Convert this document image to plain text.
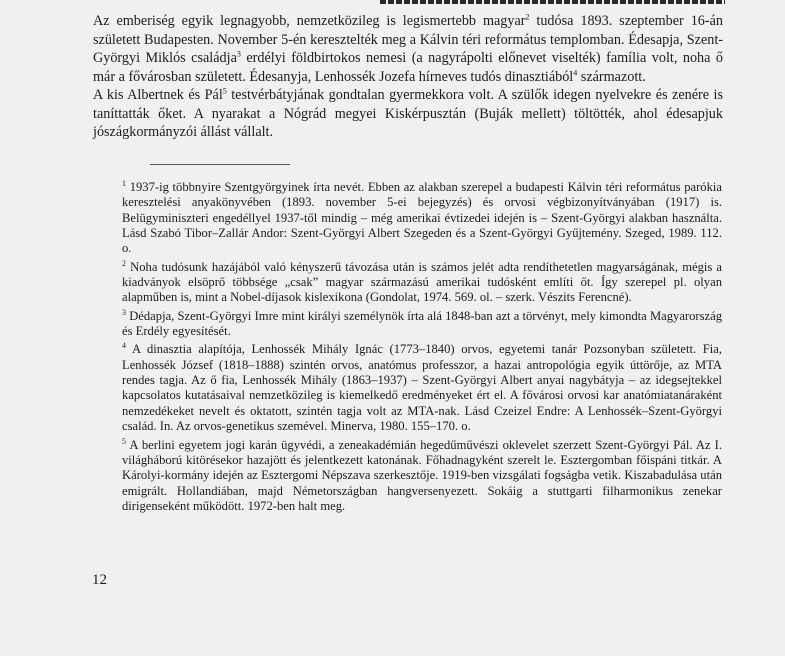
Az emberiség egyik legnagyobb, nemzetközileg is legismertebb magyar$^2$ tudósa 1893. szeptember 16-án született Budapesten. November 5-én keresztelték meg a Kálvin téri református templomban. Édesapja, Szent-Györgyi Miklós családja$^3$ erdélyi földbirtokos nemesi (a nagyrápolti előnevet viselték) família volt, noha ő már a fővárosban született. Édesanyja, Lenhossék Jozefa hírneves tudós dinasztiából$^4$ származott.

A kis Albertnek és Pál$^5$ testvérbátyjának gondtalan gyermekkora volt. A szülők idegen nyelvekre és zenére is taníttatták őket. A nyarakat a Nógrád megyei Kiskérpusztán (Buják mellett) töltötték, ahol édesapjuk jószágkormányzói állást vállalt.

$^1$ 1937-ig többnyire Szentgyörgyinek írta nevét. Ebben az alakban szerepel a budapesti Kálvin téri református parókia keresztelési anyakönyvében (1893. november 5-ei bejegyzés) és orvosi végbizonyítványában (1917) is. Belügyminiszteri engedéllyel 1937-től mindig – még amerikai évtizedei idején is – Szent-Györgyi alakban használta. Lásd Szabó Tibor–Zallár Andor: Szent-Györgyi Albert Szegeden és a Szent-Györgyi Gyűjtemény. Szeged, 1989. 112. o.

$^2$ Noha tudósunk hazájából való kényszerű távozása után is számos jelét adta rendíthetetlen magyarságának, mégis a kiadványok elsöprő többsége „csak” magyar származású amerikai tudósként említi őt. Így szerepel pl. olyan alapműben is, mint a Nobel-díjasok kislexikona (Gondolat, 1974. 569. ol. – szerk. Vészits Ferencné).

$^3$ Dédapja, Szent-Györgyi Imre mint királyi személynök írta alá 1848-ban azt a törvényt, mely kimondta Magyarország és Erdély egyesítését.

$^4$ A dinasztia alapítója, Lenhossék Mihály Ignác (1773–1840) orvos, egyetemi tanár Pozsonyban született. Fia, Lenhossék József (1818–1888) szintén orvos, anatómus professzor, a hazai antropológia egyik úttörője, az MTA rendes tagja. Az ő fia, Lenhossék Mihály (1863–1937) – Szent-Györgyi Albert anyai nagybátyja – az idegsejtekkel kapcsolatos kutatásaival nemzetközileg is kiemelkedő eredményeket ért el. A fővárosi orvosi kar anatómiatanáraként nemzedékeket nevelt és oktatott, szintén tagja volt az MTA-nak. Lásd Czeizel Endre: A Lenhossék–Szent-Györgyi család. In. Az orvos-genetikus szemével. Minerva, 1980. 155–170. o.

$^5$ A berlini egyetem jogi karán ügyvédi, a zeneakadémián hegedűművészi oklevelet szerzett Szent-Györgyi Pál. Az I. világháború kitörésekor hazajött és jelentkezett katonának. Főhadnagyként szerelt le. Esztergomban főispáni titkár. A Károlyi-kormány idején az Esztergomi Népszava szerkesztője. 1919-ben vizsgálati fogságba vetik. Kiszabadulása után emigrált. Hollandiában, majd Németországban hangversenyezett. Sokáig a stuttgarti filharmonikus zenekar dirigenseként működött. 1972-ben halt meg.

12
